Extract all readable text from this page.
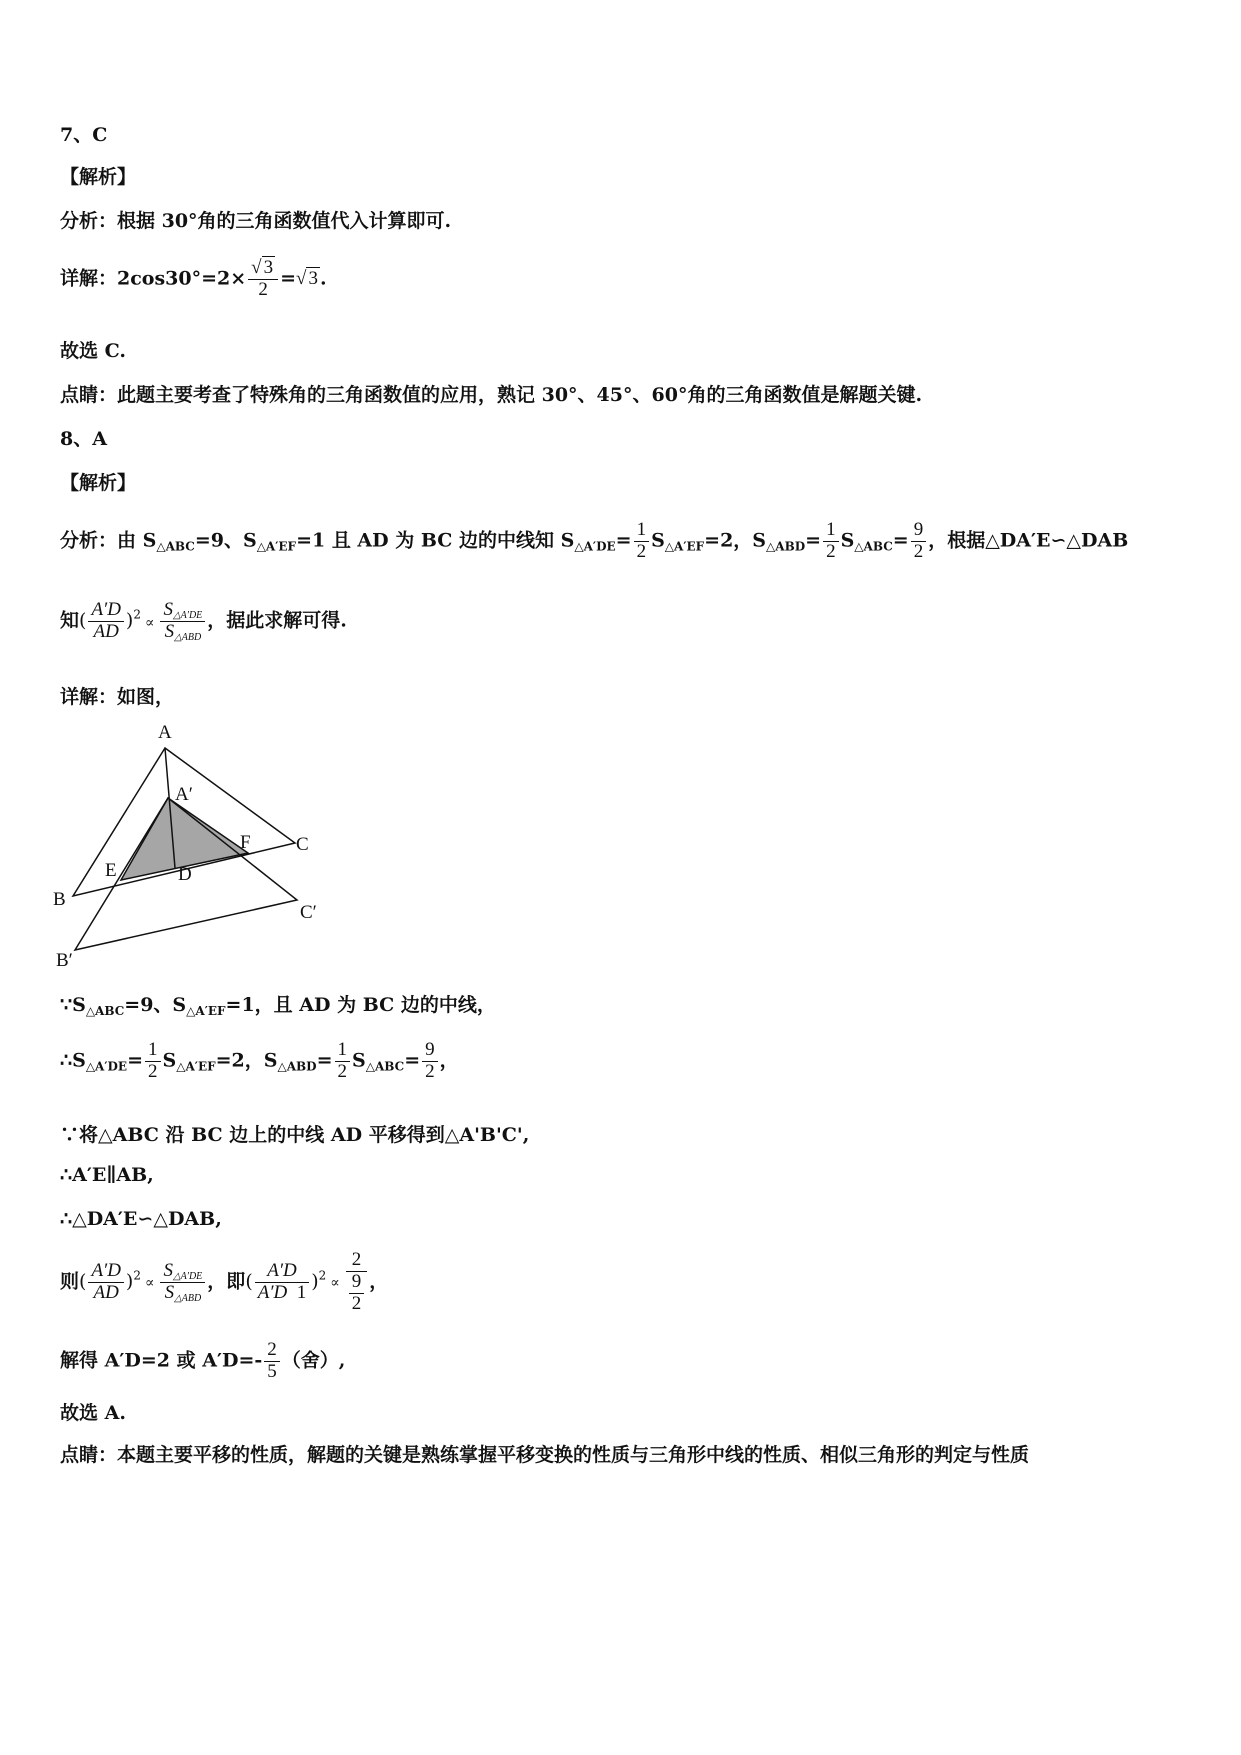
7、C
【解析】
分析：根据 30°角的三角函数值代入计算即可.
详解：$2\cos 30^\circ=2\times \frac{√ 3}{2}$ =√ 3 .
故选 C.
点睛：此题主要考查了特殊角的三角函数值的应用，熟记 30°、45°、60°角的三角函数值是解题关键.
8、A
【解析】
分析：由 $S_{\triangle ABC}=9$、$S_{\triangle A'EF}=1$ 且 AD 为 BC 边的中线知 $S_{\triangle A'DE}= \frac{1}{2} S_{\triangle A'EF}=2$，$S_{\triangle ABD}= \frac{1}{2} S_{\triangle ABC}= \frac{9}{2}$ ，根据△DA′E∽△DAB
知( $\frac{A'D}{AD} )^2 \propto \frac{S\triangle A'DE}{\text{S△ABD}}$ ，据此求解可得.
详解：如图，
A
A′
B
B′
C
C′
D
E
F
$\because S_{\triangle ABC}=9$、$S_{\triangle A'EF}=1$，且 AD 为 BC 边的中线，
$\therefore S_{\triangle A'DE}= \frac{1}{2} S_{\triangle A'EF}=2$，$S_{\triangle ABD}= \frac{1}{2} S_{\triangle ABC}= \frac{9}{2}$ ，
∵将△ABC 沿 BC 边上的中线 AD 平移得到△A'B'C',
∴A′E∥AB,
∴△DA′E∽△DAB,
则( $\frac{A'D}{AD} )^2 \propto \frac{S\triangle A'DE}{\text{S△ABD}}$ ，即( $\frac{A'D}{A'D 1} )^2 \propto \frac{2}{\frac{9}{2}}$ ，
解得 A′D=2 或 $A'D=- \frac{2}{5}$ （舍）,
故选 A.
点睛：本题主要平移的性质，解题的关键是熟练掌握平移变换的性质与三角形中线的性质、相似三角形的判定与性质
